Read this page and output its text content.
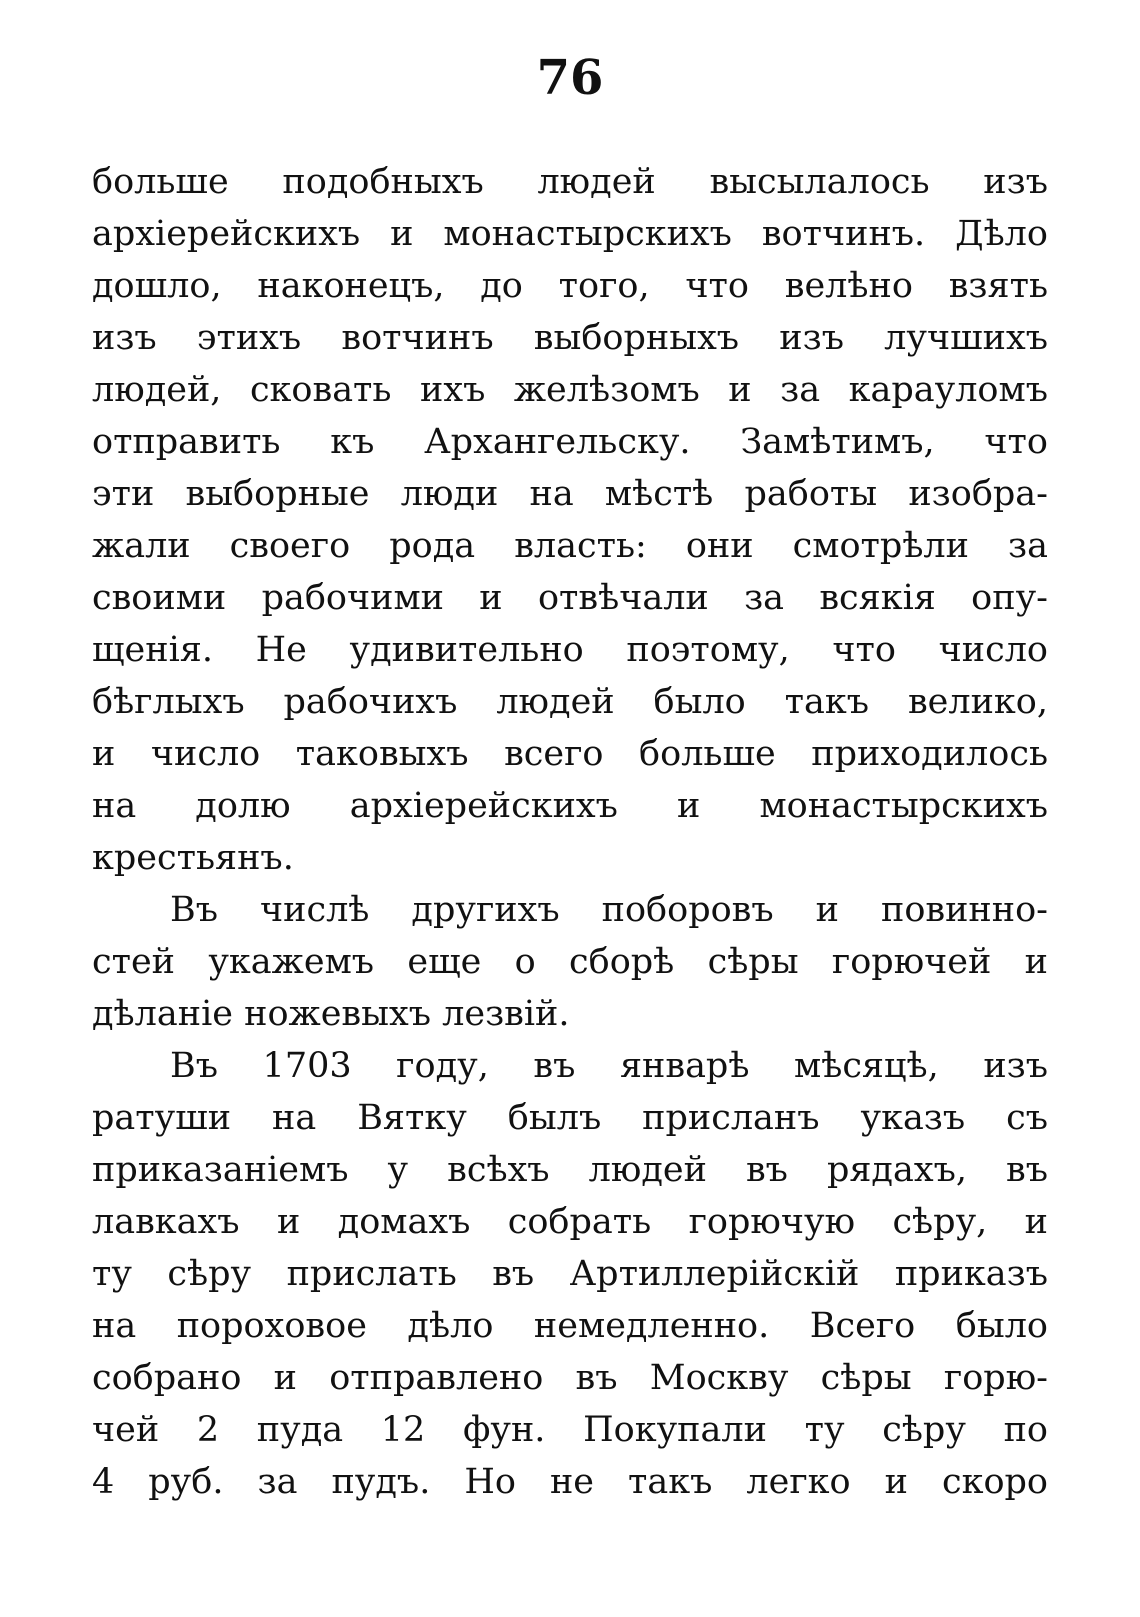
76
больше подобныхъ людей высылалось изъ
архіерейскихъ и монастырскихъ вотчинъ. Дѣло
дошло, наконецъ, до того, что велѣно взять
изъ этихъ вотчинъ выборныхъ изъ лучшихъ
людей, сковать ихъ желѣзомъ и за карауломъ
отправить къ Архангельску. Замѣтимъ, что
эти выборные люди на мѣстѣ работы изобра-
жали своего рода власть: они смотрѣли за
своими рабочими и отвѣчали за всякія опу-
щенія. Не удивительно поэтому, что число
бѣглыхъ рабочихъ людей было такъ велико,
и число таковыхъ всего больше приходилось
на долю архіерейскихъ и монастырскихъ
крестьянъ.
Въ числѣ другихъ поборовъ и повинно-
стей укажемъ еще о сборѣ сѣры горючей и
дѣланіе ножевыхъ лезвій.
Въ 1703 году, въ январѣ мѣсяцѣ, изъ
ратуши на Вятку былъ присланъ указъ съ
приказаніемъ у всѣхъ людей въ рядахъ, въ
лавкахъ и домахъ собрать горючую сѣру, и
ту сѣру прислать въ Артиллерійскій приказъ
на пороховое дѣло немедленно. Всего было
собрано и отправлено въ Москву сѣры горю-
чей 2 пуда 12 фун. Покупали ту сѣру по
4 руб. за пудъ. Но не такъ легко и скоро
